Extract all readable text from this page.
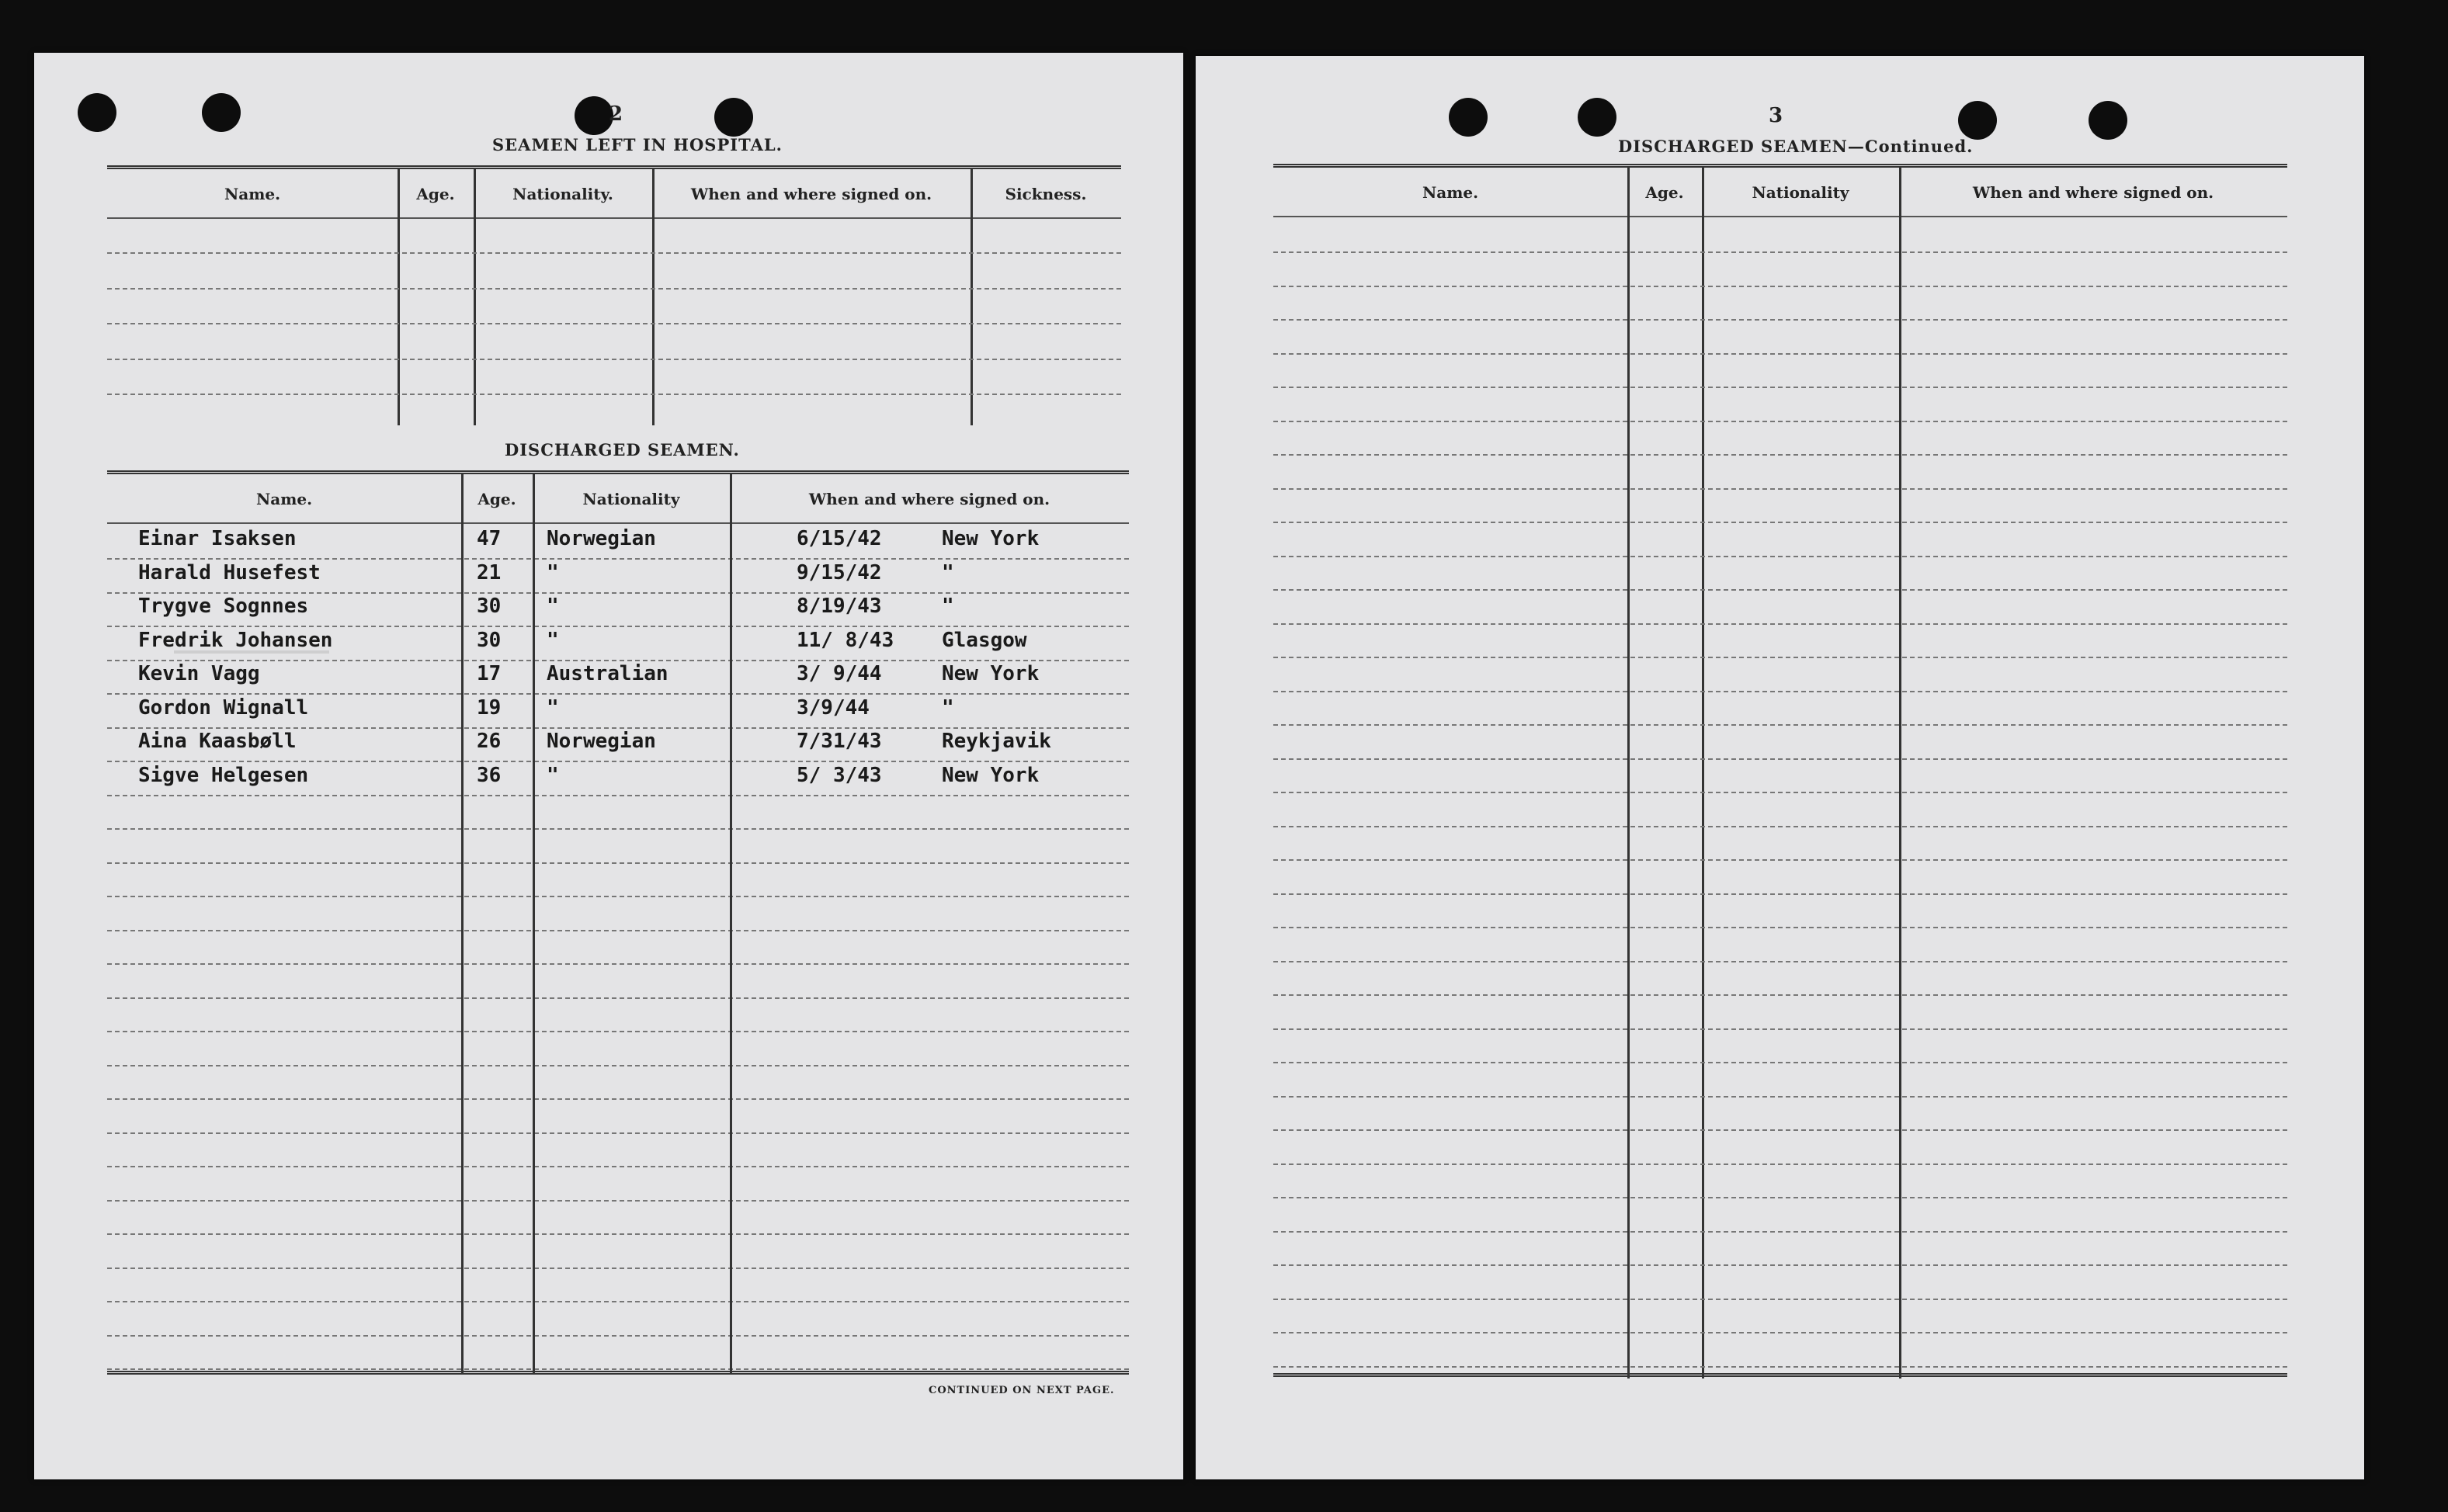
2
SEAMEN LEFT IN HOSPITAL.
Name.	Age.	Nationality.	When and where signed on.	Sickness.
DISCHARGED SEAMEN.
Name.	Age.	Nationality	When and where signed on.
Einar Isaksen	47 Norwegian	6/15/42	New York
Harald Husefest	21 "	9/15/42	"
Trygve Sognnes	30 "	8/19/43	"
Fredrik Johansen	30 "	11/ 8/43 Glasgow
Kevin Vagg	17 Australian	3/ 9/44	New York
Gordon Wignall	19 "	3/9/44	"
Aina Kaasbøll	26 Norwegian	7/31/43	Reykjavik
Sigve Helgesen	36 "	5/ 3/43	New York
CONTINUED ON NEXT PAGE.
3
DISCHARGED SEAMEN—Continued.
Name.	Age.	Nationality	When and where signed on.
